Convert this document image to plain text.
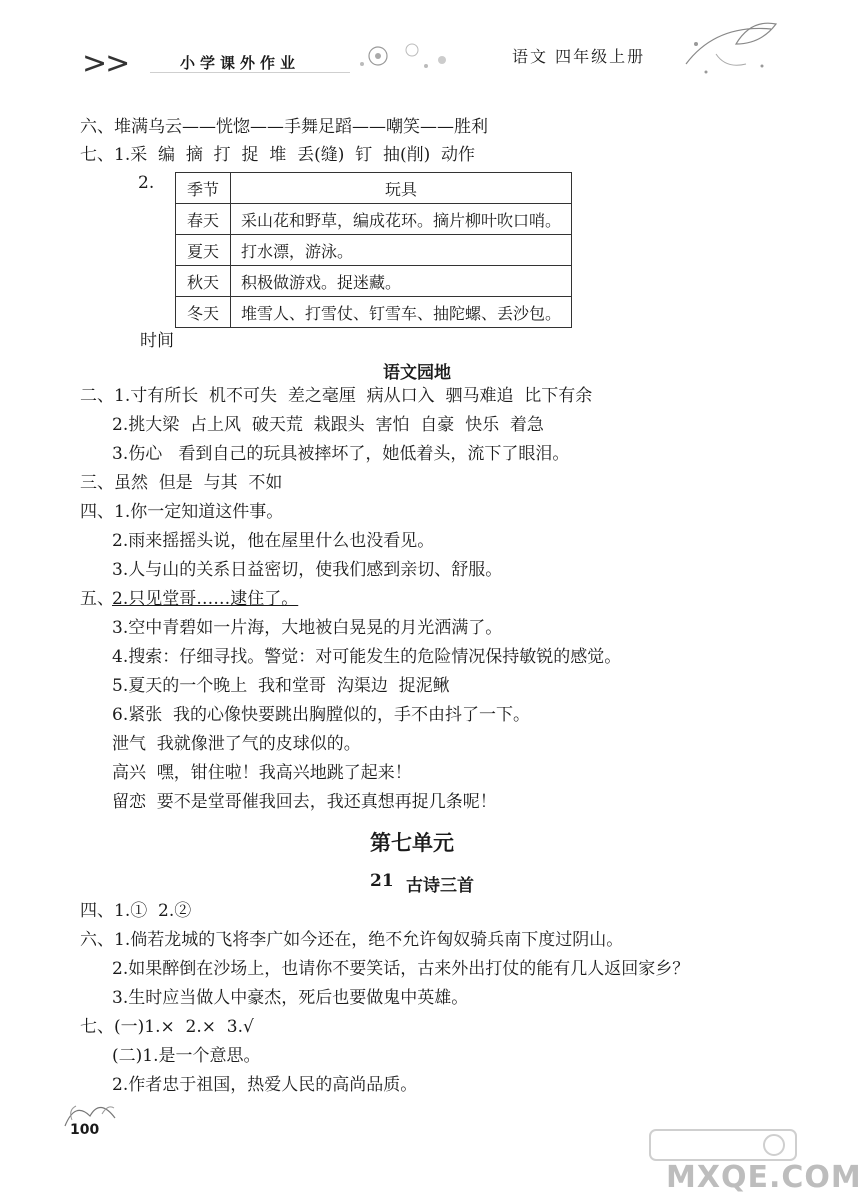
>>	小学课外作业	语文 四年级上册
六、堆满乌云——恍惚——手舞足蹈——嘲笑——胜利
七、1.采  编  摘  打  捉  堆  丢(缝)  钉  抽(削)  动作
2. 季节	玩具
春天	采山花和野草，编成花环。摘片柳叶吹口哨。
夏天	打水漂，游泳。
秋天	积极做游戏。捉迷藏。
冬天	堆雪人、打雪仗、钉雪车、抽陀螺、丢沙包。
时间
语文园地
二、1.寸有所长  机不可失  差之毫厘  病从口入  驷马难追  比下有余
2.挑大梁  占上风  破天荒  栽跟头  害怕  自豪  快乐  着急
3.伤心   看到自己的玩具被摔坏了，她低着头，流下了眼泪。
三、虽然  但是  与其  不如
四、1.你一定知道这件事。
2.雨来摇摇头说，他在屋里什么也没看见。
3.人与山的关系日益密切，使我们感到亲切、舒服。
五、
2.只见堂哥……逮住了。
3.空中青碧如一片海，大地被白晃晃的月光洒满了。
4.搜索：仔细寻找。警觉：对可能发生的危险情况保持敏锐的感觉。
5.夏天的一个晚上  我和堂哥  沟渠边  捉泥鳅
6.紧张  我的心像快要跳出胸膛似的，手不由抖了一下。
泄气  我就像泄了气的皮球似的。
高兴  嘿，钳住啦！我高兴地跳了起来！
留恋  要不是堂哥催我回去，我还真想再捉几条呢！
第七单元
21 古诗三首
四、1.①  2.②
六、1.倘若龙城的飞将李广如今还在，绝不允许匈奴骑兵南下度过阴山。
2.如果醉倒在沙场上，也请你不要笑话，古来外出打仗的能有几人返回家乡？
3.生时应当做人中豪杰，死后也要做鬼中英雄。
七、(一)1.×  2.×  3.√
(二)1.是一个意思。
2.作者忠于祖国，热爱人民的高尚品质。
100
MXQE.COM
